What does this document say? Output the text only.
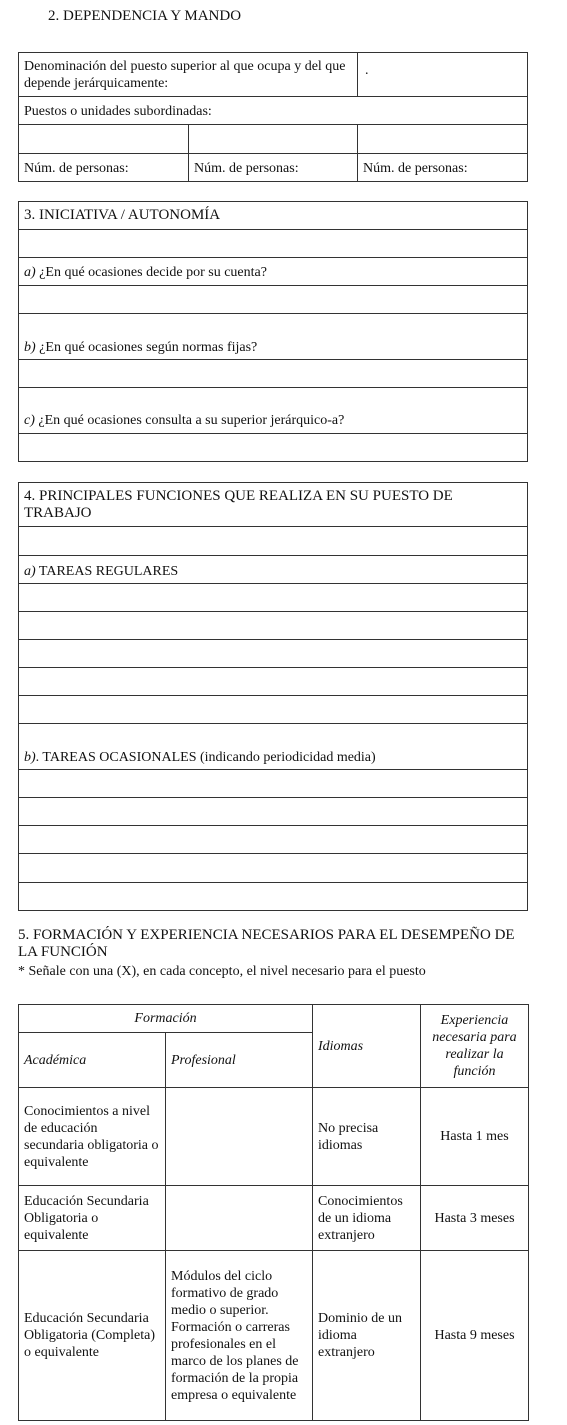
2. DEPENDENCIA Y MANDO
Denominación del puesto superior al que ocupa y del que depende jerárquicamente:
.
Puestos o unidades subordinadas:
Núm. de personas:	Núm. de personas:	Núm. de personas:
3. INICIATIVA / AUTONOMÍA
a) ¿En qué ocasiones decide por su cuenta?
b) ¿En qué ocasiones según normas fijas?
c) ¿En qué ocasiones consulta a su superior jerárquico-a?
4. PRINCIPALES FUNCIONES QUE REALIZA EN SU PUESTO DE TRABAJO
a) TAREAS REGULARES
b). TAREAS OCASIONALES (indicando periodicidad media)
5. FORMACIÓN Y EXPERIENCIA NECESARIOS PARA EL DESEMPEÑO DE LA FUNCIÓN
* Señale con una (X), en cada concepto, el nivel necesario para el puesto
Formación		Idiomas	Experiencia necesaria para realizar la función
Académica	Profesional		
Conocimientos a nivel de educación secundaria obligatoria o equivalente		No precisa idiomas	Hasta 1 mes
Educación Secundaria Obligatoria o equivalente		Conocimientos de un idioma extranjero	Hasta 3 meses
Educación Secundaria Obligatoria (Completa) o equivalente	Módulos del ciclo formativo de grado medio o superior. Formación o carreras profesionales en el marco de los planes de formación de la propia empresa o equivalente	Dominio de un idioma extranjero	Hasta 9 meses
